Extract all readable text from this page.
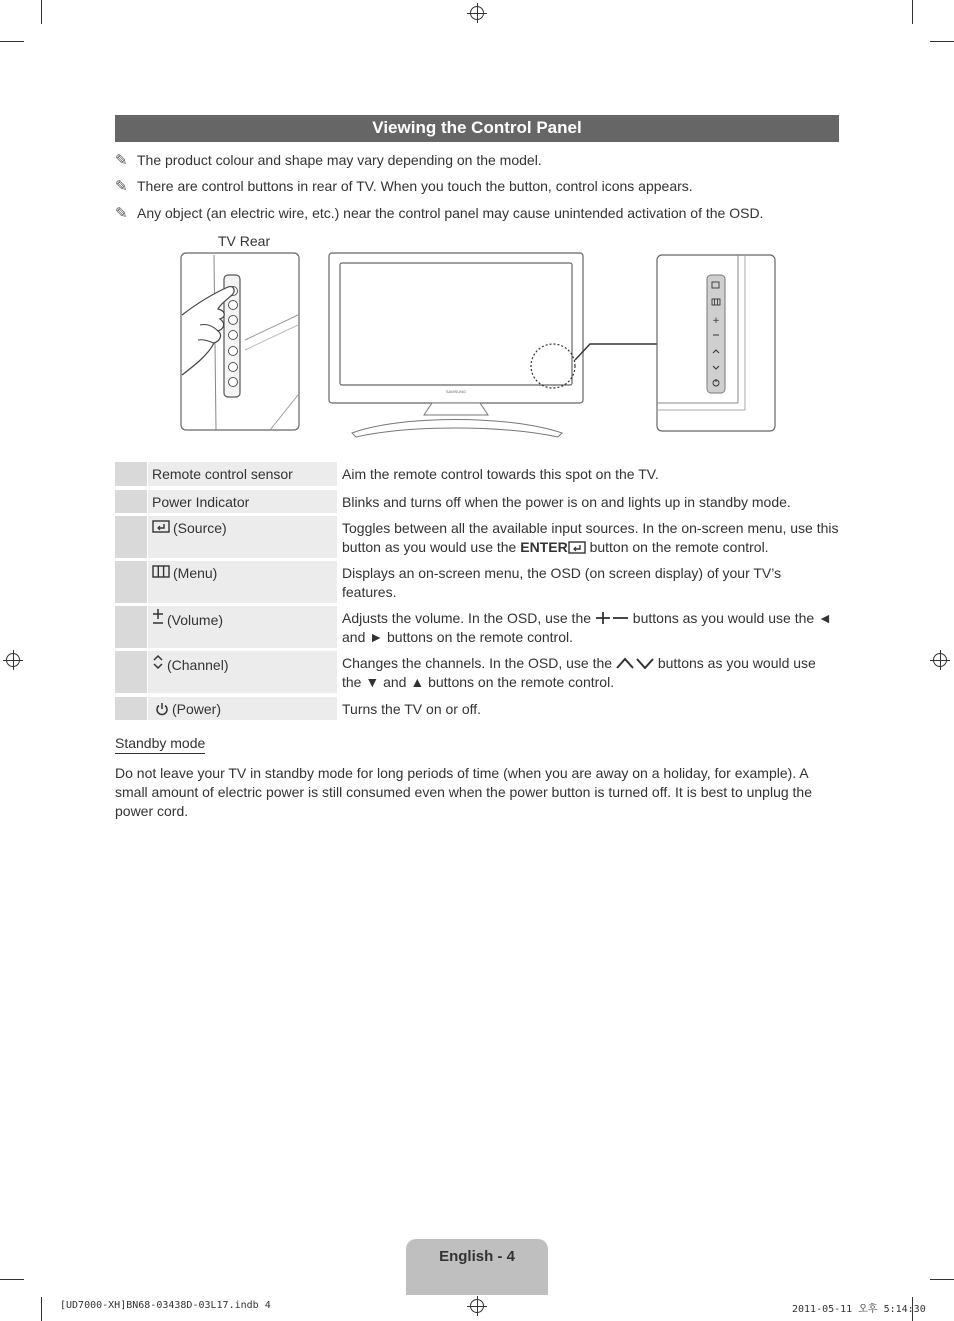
Viewing the Control Panel
✎ The product colour and shape may vary depending on the model.
✎ There are control buttons in rear of TV. When you touch the button, control icons appears.
✎ Any object (an electric wire, etc.) near the control panel may cause unintended activation of the OSD.
TV Rear
SAMSUNG
+
Remote control sensor	Aim the remote control towards this spot on the TV.
Power Indicator	Blinks and turns off when the power is on and lights up in standby mode.
(Source)	Toggles between all the available input sources. In the on-screen menu, use this button as you would use the ENTER button on the remote control.
(Menu)	Displays an on-screen menu, the OSD (on screen display) of your TV’s features.
(Volume)	Adjusts the volume. In the OSD, use the  buttons as you would use the ◄ and ► buttons on the remote control.
(Channel)	Changes the channels. In the OSD, use the	buttons as you would use the ▼ and ▲ buttons on the remote control.
(Power)	Turns the TV on or off.
Standby mode
Do not leave your TV in standby mode for long periods of time (when you are away on a holiday, for example). A small amount of electric power is still consumed even when the power button is turned off. It is best to unplug the power cord.
English - 4
[UD7000-XH]BN68-03438D-03L17.indb 4	2011-05-11 오후 5:14:30
